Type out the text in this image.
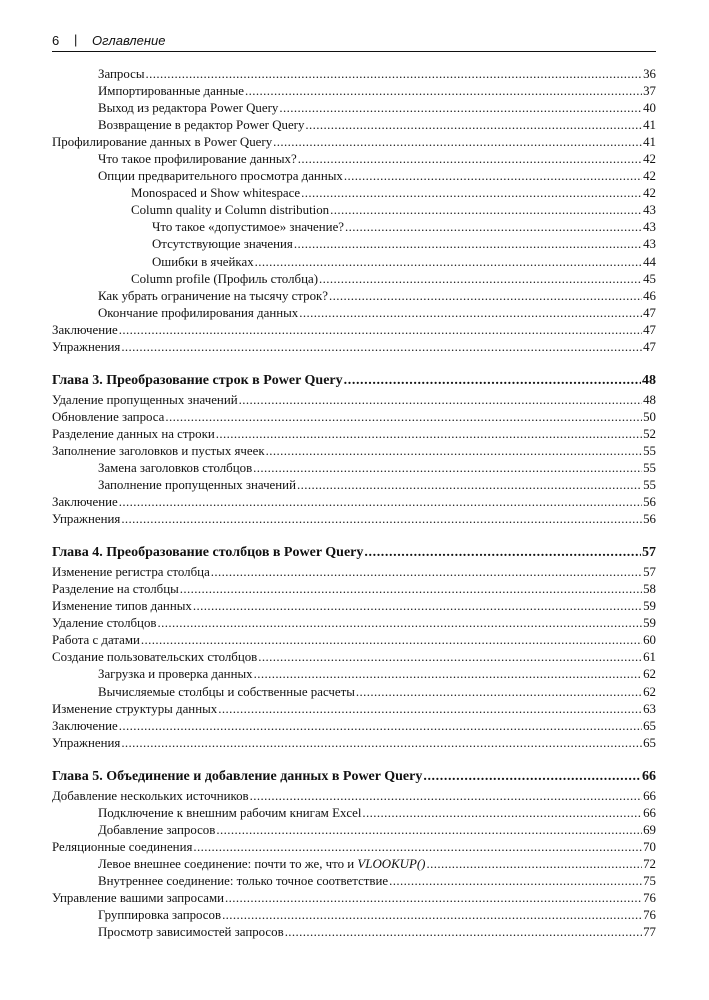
6 | Оглавление
Запросы .....	36
Импортированные данные .....	37
Выход из редактора Power Query .....	40
Возвращение в редактор Power Query .....	41
Профилирование данных в Power Query .....	41
Что такое профилирование данных? .....	42
Опции предварительного просмотра данных .....	42
Monospaced и Show whitespace .....	42
Column quality и Column distribution .....	43
Что такое «допустимое» значение? .....	43
Отсутствующие значения .....	43
Ошибки в ячейках .....	44
Column profile (Профиль столбца) .....	45
Как убрать ограничение на тысячу строк? .....	46
Окончание профилирования данных .....	47
Заключение .....	47
Упражнения .....	47
Глава 3. Преобразование строк в Power Query .....	48
Удаление пропущенных значений .....	48
Обновление запроса .....	50
Разделение данных на строки .....	52
Заполнение заголовков и пустых ячеек .....	55
Замена заголовков столбцов .....	55
Заполнение пропущенных значений .....	55
Заключение .....	56
Упражнения .....	56
Глава 4. Преобразование столбцов в Power Query .....	57
Изменение регистра столбца .....	57
Разделение на столбцы .....	58
Изменение типов данных .....	59
Удаление столбцов .....	59
Работа с датами .....	60
Создание пользовательских столбцов .....	61
Загрузка и проверка данных .....	62
Вычисляемые столбцы и собственные расчеты .....	62
Изменение структуры данных .....	63
Заключение .....	65
Упражнения .....	65
Глава 5. Объединение и добавление данных в Power Query .....	66
Добавление нескольких источников .....	66
Подключение к внешним рабочим книгам Excel .....	66
Добавление запросов .....	69
Реляционные соединения .....	70
Левое внешнее соединение: почти то же, что и VLOOKUP() .....	72
Внутреннее соединение: только точное соответствие .....	75
Управление вашими запросами .....	76
Группировка запросов .....	76
Просмотр зависимостей запросов .....	77
